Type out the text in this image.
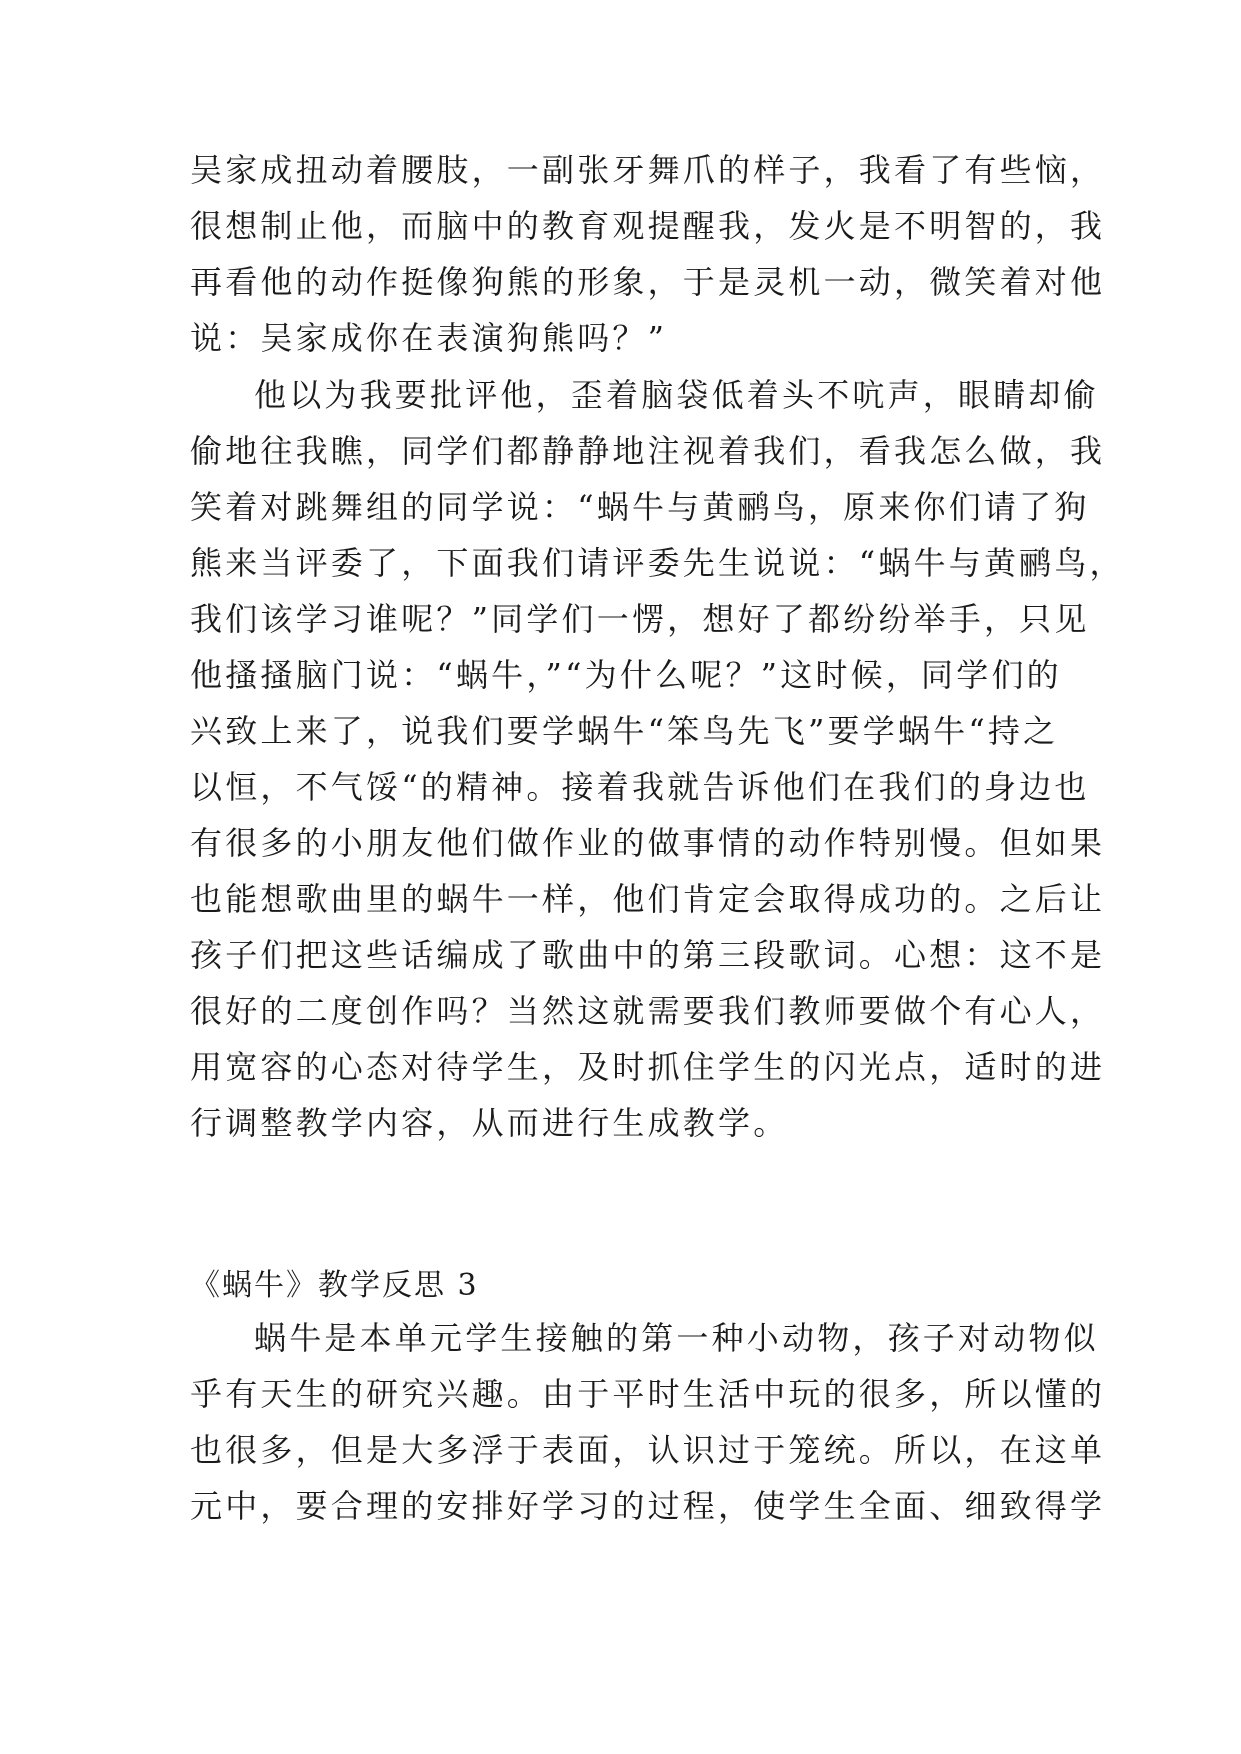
吴家成扭动着腰肢，一副张牙舞爪的样子，我看了有些恼，
很想制止他，而脑中的教育观提醒我，发火是不明智的，我
再看他的动作挺像狗熊的形象，于是灵机一动，微笑着对他
说：吴家成你在表演狗熊吗？”
他以为我要批评他，歪着脑袋低着头不吭声，眼睛却偷
偷地往我瞧，同学们都静静地注视着我们，看我怎么做，我
笑着对跳舞组的同学说：“蜗牛与黄鹂鸟，原来你们请了狗
熊来当评委了，下面我们请评委先生说说：“蜗牛与黄鹂鸟，
我们该学习谁呢？”同学们一愣，想好了都纷纷举手，只见
他搔搔脑门说：“蜗牛，”“为什么呢？”这时候，同学们的
兴致上来了，说我们要学蜗牛“笨鸟先飞”要学蜗牛“持之
以恒，不气馁“的精神。接着我就告诉他们在我们的身边也
有很多的小朋友他们做作业的做事情的动作特别慢。但如果
也能想歌曲里的蜗牛一样，他们肯定会取得成功的。之后让
孩子们把这些话编成了歌曲中的第三段歌词。心想：这不是
很好的二度创作吗？当然这就需要我们教师要做个有心人，
用宽容的心态对待学生，及时抓住学生的闪光点，适时的进
行调整教学内容，从而进行生成教学。
《蜗牛》教学反思 3
蜗牛是本单元学生接触的第一种小动物，孩子对动物似
乎有天生的研究兴趣。由于平时生活中玩的很多，所以懂的
也很多，但是大多浮于表面，认识过于笼统。所以，在这单
元中，要合理的安排好学习的过程，使学生全面、细致得学
